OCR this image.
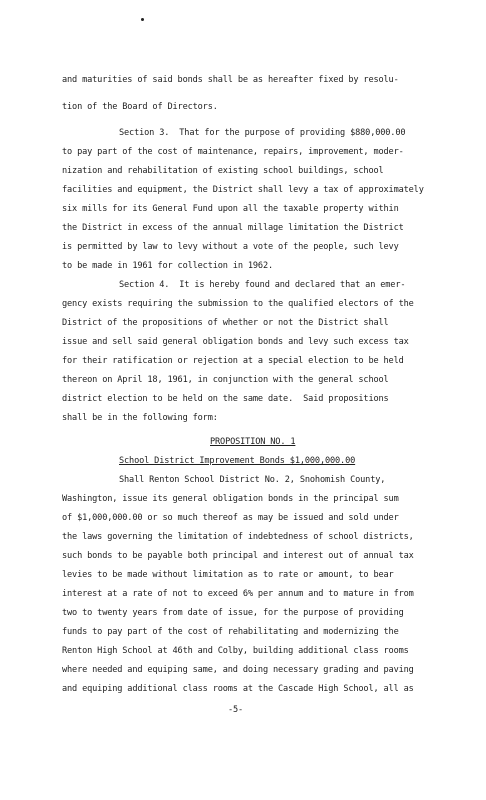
and maturities of said bonds shall be as hereafter fixed by resolu-
tion of the Board of Directors.
Section 3.  That for the purpose of providing $880,000.00
to pay part of the cost of maintenance, repairs, improvement, moder-
nization and rehabilitation of existing school buildings, school
facilities and equipment, the District shall levy a tax of approximately
six mills for its General Fund upon all the taxable property within
the District in excess of the annual millage limitation the District
is permitted by law to levy without a vote of the people, such levy
to be made in 1961 for collection in 1962.
Section 4.  It is hereby found and declared that an emer-
gency exists requiring the submission to the qualified electors of the
District of the propositions of whether or not the District shall
issue and sell said general obligation bonds and levy such excess tax
for their ratification or rejection at a special election to be held
thereon on April 18, 1961, in conjunction with the general school
district election to be held on the same date.  Said propositions
shall be in the following form:
PROPOSITION NO. 1
School District Improvement Bonds $1,000,000.00
Shall Renton School District No. 2, Snohomish County,
Washington, issue its general obligation bonds in the principal sum
of $1,000,000.00 or so much thereof as may be issued and sold under
the laws governing the limitation of indebtedness of school districts,
such bonds to be payable both principal and interest out of annual tax
levies to be made without limitation as to rate or amount, to bear
interest at a rate of not to exceed 6% per annum and to mature in from
two to twenty years from date of issue, for the purpose of providing
funds to pay part of the cost of rehabilitating and modernizing the
Renton High School at 46th and Colby, building additional class rooms
where needed and equiping same, and doing necessary grading and paving
and equiping additional class rooms at the Cascade High School, all as
-5-
